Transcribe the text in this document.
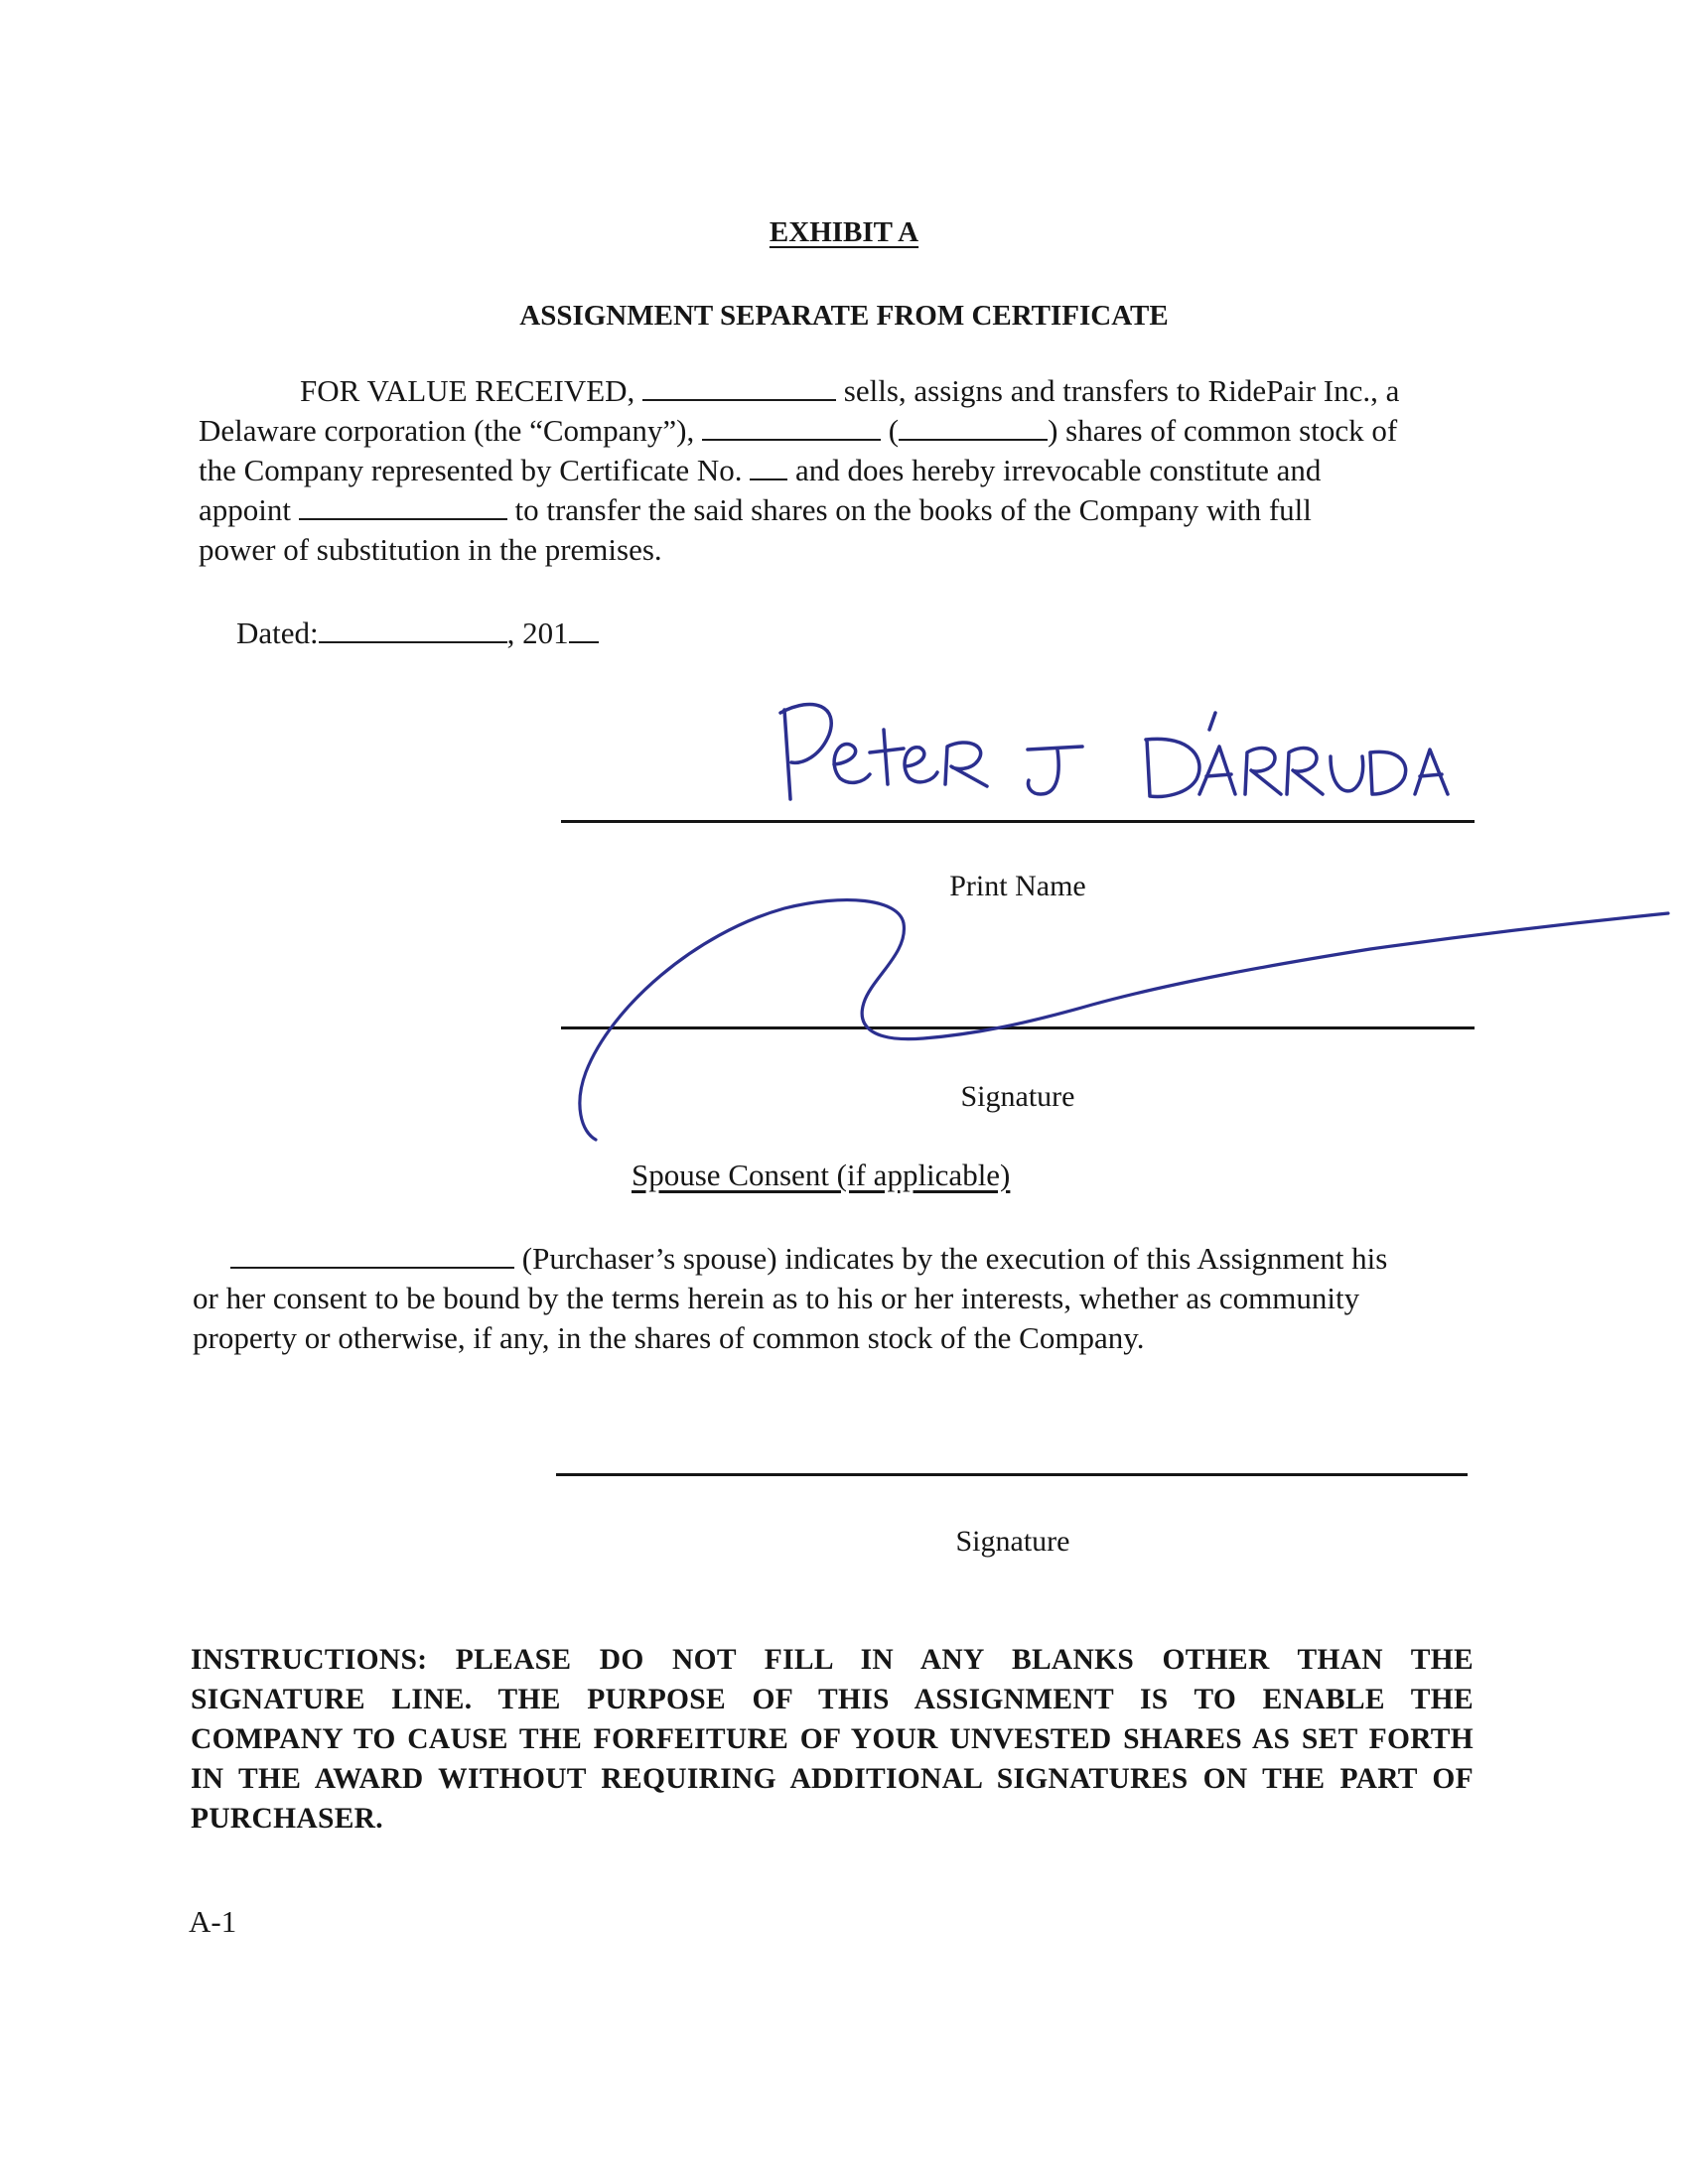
EXHIBIT A
ASSIGNMENT SEPARATE FROM CERTIFICATE
FOR VALUE RECEIVED,	sells, assigns and transfers to RidePair Inc., a
Delaware corporation (the “Company”),	(	) shares of common stock of
the Company represented by Certificate No. and does hereby irrevocable constitute and
appoint	to transfer the said shares on the books of the Company with full
power of substitution in the premises.
Dated:	, 201
Print Name
Signature
Spouse Consent (if applicable)
(Purchaser’s spouse) indicates by the execution of this Assignment his
or her consent to be bound by the terms herein as to his or her interests, whether as community
property or otherwise, if any, in the shares of common stock of the Company.
Signature
INSTRUCTIONS: PLEASE DO NOT FILL IN ANY BLANKS OTHER THAN THE
SIGNATURE LINE. THE PURPOSE OF THIS ASSIGNMENT IS TO ENABLE THE
COMPANY TO CAUSE THE FORFEITURE OF YOUR UNVESTED SHARES AS SET FORTH
IN THE AWARD WITHOUT REQUIRING ADDITIONAL SIGNATURES ON THE PART OF
PURCHASER.
A-1
